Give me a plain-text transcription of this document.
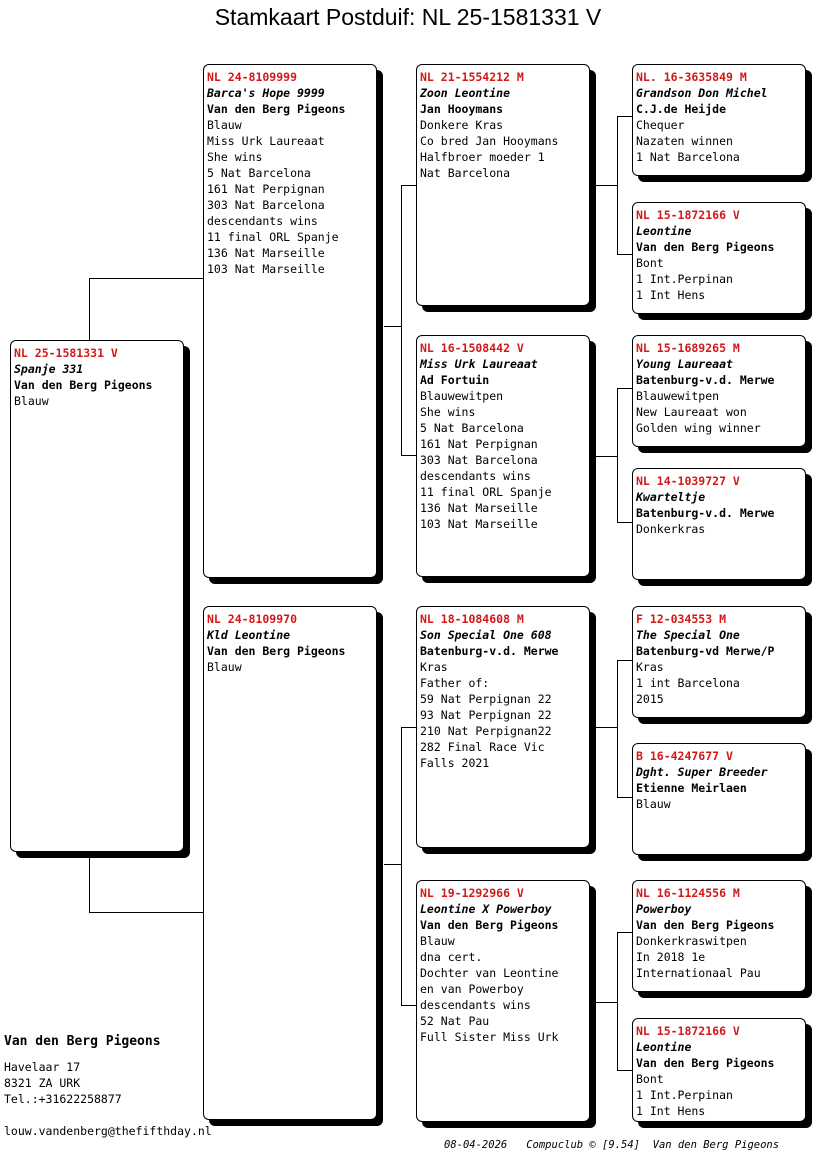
Stamkaart Postduif: NL 25-1581331 V
NL 25-1581331 V
Spanje 331
Van den Berg Pigeons
Blauw
NL 24-8109999
Barca's Hope 9999
Van den Berg Pigeons
Blauw
Miss Urk Laureaat
She wins
5 Nat Barcelona
161 Nat Perpignan
303 Nat Barcelona
descendants wins
11 final ORL Spanje
136 Nat Marseille
103 Nat Marseille
NL 24-8109970
Kld Leontine
Van den Berg Pigeons
Blauw
NL 21-1554212 M
Zoon Leontine
Jan Hooymans
Donkere Kras
Co bred Jan Hooymans
Halfbroer moeder 1
Nat Barcelona
NL 16-1508442 V
Miss Urk Laureaat
Ad Fortuin
Blauwewitpen
She wins
5 Nat Barcelona
161 Nat Perpignan
303 Nat Barcelona
descendants wins
11 final ORL Spanje
136 Nat Marseille
103 Nat Marseille
NL 18-1084608 M
Son Special One 608
Batenburg-v.d. Merwe
Kras
Father of:
59 Nat Perpignan 22
93 Nat Perpignan 22
210 Nat Perpignan22
282 Final Race Vic
Falls 2021
NL 19-1292966 V
Leontine X Powerboy
Van den Berg Pigeons
Blauw
dna cert.
Dochter van Leontine
en van Powerboy
descendants wins
52 Nat Pau
Full Sister Miss Urk
NL. 16-3635849 M
Grandson Don Michel
C.J.de Heijde
Chequer
Nazaten winnen
1 Nat Barcelona
NL 15-1872166 V
Leontine
Van den Berg Pigeons
Bont
1 Int.Perpinan
1 Int Hens
NL 15-1689265 M
Young Laureaat
Batenburg-v.d. Merwe
Blauwewitpen
New Laureaat won
Golden wing winner
NL 14-1039727 V
Kwarteltje
Batenburg-v.d. Merwe
Donkerkras
F 12-034553 M
The Special One
Batenburg-vd Merwe/P
Kras
1 int Barcelona
2015
B 16-4247677 V
Dght. Super Breeder
Etienne Meirlaen
Blauw
NL 16-1124556 M
Powerboy
Van den Berg Pigeons
Donkerkraswitpen
In 2018 1e
Internationaal Pau
NL 15-1872166 V
Leontine
Van den Berg Pigeons
Bont
1 Int.Perpinan
1 Int Hens
Van den Berg Pigeons
Havelaar 17
8321 ZA URK
Tel.:+31622258877
louw.vandenberg@thefifthday.nl
08-04-2026 Compuclub © [9.54] Van den Berg Pigeons
